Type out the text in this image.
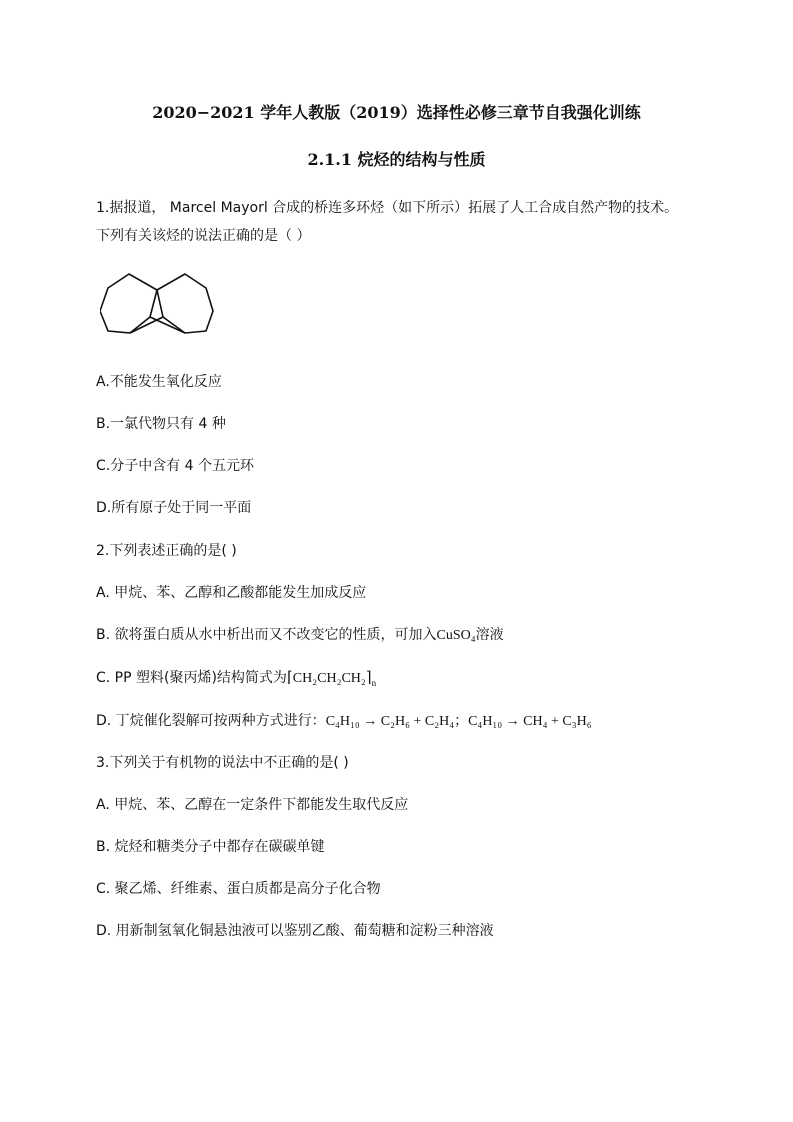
2020−2021 学年人教版（2019）选择性必修三章节自我强化训练
2.1.1 烷烃的结构与性质
1.据报道， Marcel Mayorl 合成的桥连多环烃（如下所示）拓展了人工合成自然产物的技术。
下列有关该烃的说法正确的是（ ）
A.不能发生氧化反应
B.一氯代物只有 4 种
C.分子中含有 4 个五元环
D.所有原子处于同一平面
2.下列表述正确的是( )
A. 甲烷、苯、乙醇和乙酸都能发生加成反应
B. 欲将蛋白质从水中析出而又不改变它的性质，可加入CuSO₄溶液
C. PP 塑料(聚丙烯)结构简式为$⌈CH_2CH_2CH_2⌉_n$
D. 丁烷催化裂解可按两种方式进行：C₄H₁₀ → C₂H₆ + C₂H₄；C₄H₁₀ → CH₄ + C₃H₆
3.下列关于有机物的说法中不正确的是( )
A. 甲烷、苯、乙醇在一定条件下都能发生取代反应
B. 烷烃和糖类分子中都存在碳碳单键
C. 聚乙烯、纤维素、蛋白质都是高分子化合物
D. 用新制氢氧化铜悬浊液可以鉴别乙酸、葡萄糖和淀粉三种溶液
